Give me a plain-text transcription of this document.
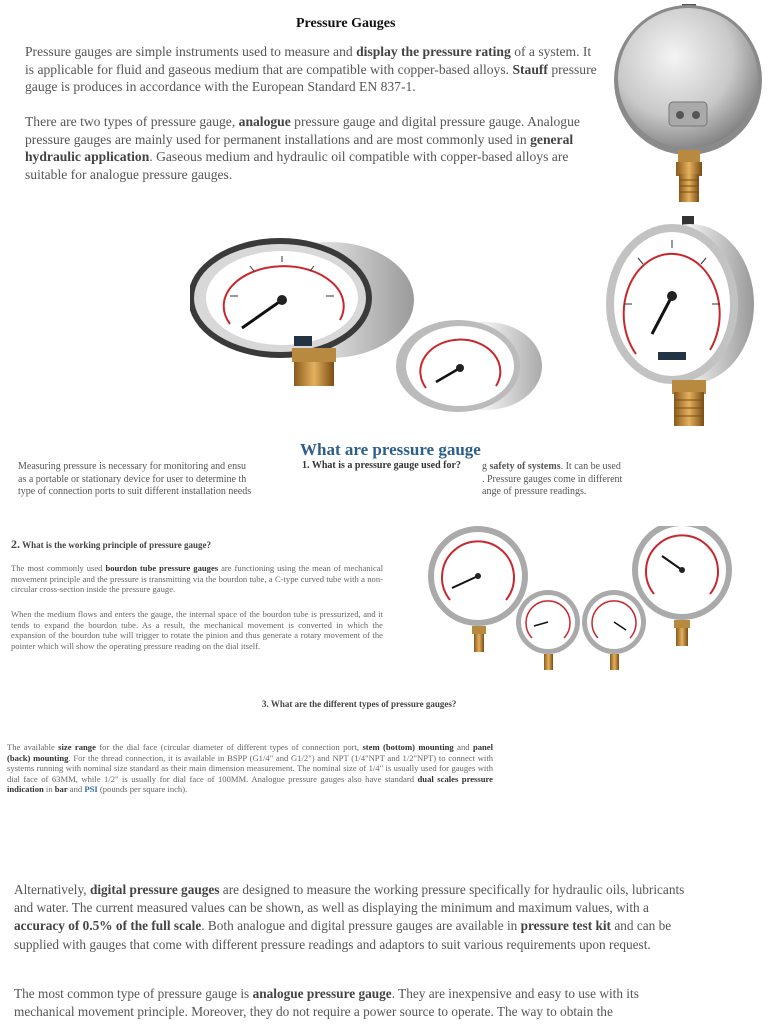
Pressure Gauges
Pressure gauges are simple instruments used to measure and display the pressure rating of a system. It is applicable for fluid and gaseous medium that are compatible with copper-based alloys. Stauff pressure gauge is produces in accordance with the European Standard EN 837-1.
There are two types of pressure gauge, analogue pressure gauge and digital pressure gauge. Analogue pressure gauges are mainly used for permanent installations and are most commonly used in general hydraulic application. Gaseous medium and hydraulic oil compatible with copper-based alloys are suitable for analogue pressure gauges.
What are pressure gauge
Measuring pressure is necessary for monitoring and ensu
as a portable or stationary device for user to determine th
type of connection ports to suit different installation needs
g safety of systems. It can be used
. Pressure gauges come in different
ange of pressure readings.
1. What is a pressure gauge used for?
2. What is the working principle of pressure gauge?
The most commonly used bourdon tube pressure gauges are functioning using the mean of mechanical movement principle and the pressure is transmitting via the bourdon tube, a C-type curved tube with a non-circular cross-section inside the pressure gauge.
When the medium flows and enters the gauge, the internal space of the bourdon tube is pressurized, and it tends to expand the bourdon tube. As a result, the mechanical movement is converted in which the expansion of the bourdon tube will trigger to rotate the pinion and thus generate a rotary movement of the pointer which will show the operating pressure reading on the dial itself.
3. What are the different types of pressure gauges?
The available size range for the dial face (circular diameter of different types of connection port, stem (bottom) mounting and panel (back) mounting. For the thread connection, it is available in BSPP (G1/4" and G1/2") and NPT (1/4"NPT and 1/2"NPT) to connect with systems running with nominal size standard as their main dimension measurement. The nominal size of 1/4" is usually used for gauges with dial face of 63MM, while 1/2" is usually for dial face of 100MM. Analogue pressure gauges also have standard dual scales pressure indication in bar and PSI (pounds per square inch).
Alternatively, digital pressure gauges are designed to measure the working pressure specifically for hydraulic oils, lubricants and water. The current measured values can be shown, as well as displaying the minimum and maximum values, with a accuracy of 0.5% of the full scale. Both analogue and digital pressure gauges are available in pressure test kit and can be supplied with gauges that come with different pressure readings and adaptors to suit various requirements upon request.
The most common type of pressure gauge is analogue pressure gauge. They are inexpensive and easy to use with its mechanical movement principle. Moreover, they do not require a power source to operate. The way to obtain the
